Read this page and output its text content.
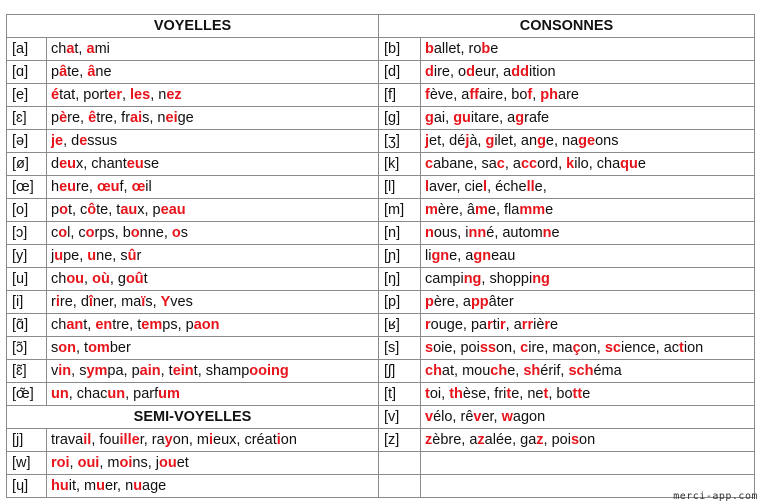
VOYELLES		CONSONNES	
[a]	chat, ami	[b]	ballet, robe
[ɑ]	pâte, âne	[d]	dire, odeur, addition
[e]	état, porter, les, nez	[f]	fève, affaire, bof, phare
[ɛ]	père, être, frais, neige	[g]	gai, guitare, agrafe
[ə]	je, dessus	[ʒ]	jet, déjà, gilet, ange, nageons
[ø]	deux, chanteuse	[k]	cabane, sac, accord, kilo, chaque
[œ]	heure, œuf, œil	[l]	laver, ciel, échelle,
[o]	pot, côte, taux, peau	[m]	mère, âme, flamme
[ɔ]	col, corps, bonne, os	[n]	nous, inné, automne
[y]	jupe, une, sûr	[ɲ]	ligne, agneau
[u]	chou, où, goût	[ŋ]	camping, shopping
[i]	rire, dîner, maïs, Yves	[p]	père, appâter
[ɑ̃]	chant, entre, temps, paon	[ʁ]	rouge, partir, arrière
[ɔ̃]	son, tomber	[s]	soie, poisson, cire, maçon, science, action
[ɛ̃]	vin, sympa, pain, teint, shampooing	[ʃ]	chat, mouche, shérif, schéma
[œ̃]	un, chacun, parfum	[t]	toi, thèse, frite, net, botte
SEMI-VOYELLES		[v]	vélo, rêver, wagon
[j]	travail, fouiller, rayon, mieux, création	[z]	zèbre, azalée, gaz, poison
[w]	roi, oui, moins, jouet		
[ɥ]	huit, muer, nuage		
merci-app.com
